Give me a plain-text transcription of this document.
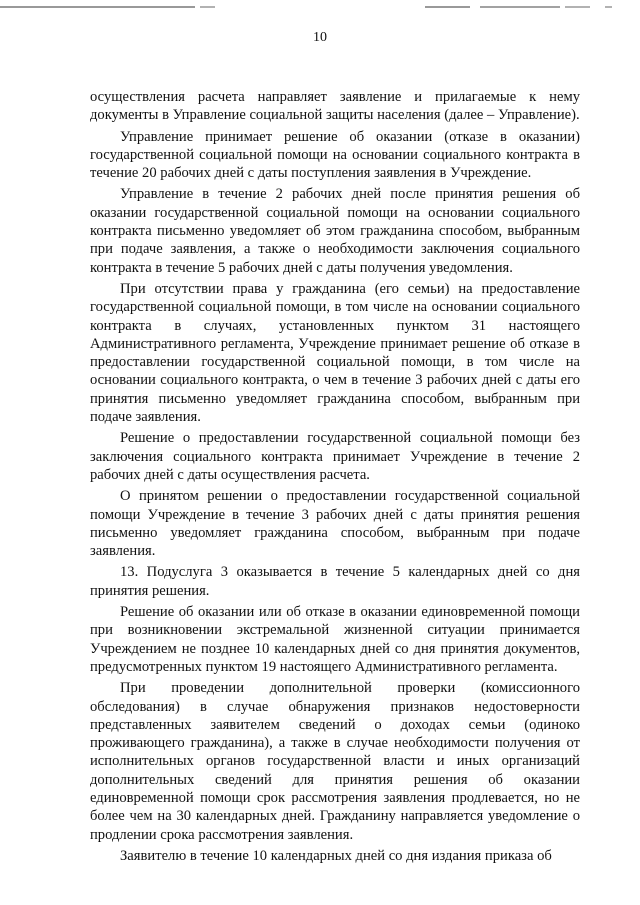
10

осуществления расчета направляет заявление и прилагаемые к нему документы в Управление социальной защиты населения (далее – Управление).

Управление принимает решение об оказании (отказе в оказании) государственной социальной помощи на основании социального контракта в течение 20 рабочих дней с даты поступления заявления в Учреждение.

Управление в течение 2 рабочих дней после принятия решения об оказании государственной социальной помощи на основании социального контракта письменно уведомляет об этом гражданина способом, выбранным при подаче заявления, а также о необходимости заключения социального контракта в течение 5 рабочих дней с даты получения уведомления.

При отсутствии права у гражданина (его семьи) на предоставление государственной социальной помощи, в том числе на основании социального контракта в случаях, установленных пунктом 31 настоящего Административного регламента, Учреждение принимает решение об отказе в предоставлении государственной социальной помощи, в том числе на основании социального контракта, о чем в течение 3 рабочих дней с даты его принятия письменно уведомляет гражданина способом, выбранным при подаче заявления.

Решение о предоставлении государственной социальной помощи без заключения социального контракта принимает Учреждение в течение 2 рабочих дней с даты осуществления расчета.

О принятом решении о предоставлении государственной социальной помощи Учреждение в течение 3 рабочих дней с даты принятия решения письменно уведомляет гражданина способом, выбранным при подаче заявления.

13. Подуслуга 3 оказывается в течение 5 календарных дней со дня принятия решения.

Решение об оказании или об отказе в оказании единовременной помощи при возникновении экстремальной жизненной ситуации принимается Учреждением не позднее 10 календарных дней со дня принятия документов, предусмотренных пунктом 19 настоящего Административного регламента.

При проведении дополнительной проверки (комиссионного обследования) в случае обнаружения признаков недостоверности представленных заявителем сведений о доходах семьи (одиноко проживающего гражданина), а также в случае необходимости получения от исполнительных органов государственной власти и иных организаций дополнительных сведений для принятия решения об оказании единовременной помощи срок рассмотрения заявления продлевается, но не более чем на 30 календарных дней. Гражданину направляется уведомление о продлении срока рассмотрения заявления.

Заявителю в течение 10 календарных дней со дня издания приказа об
